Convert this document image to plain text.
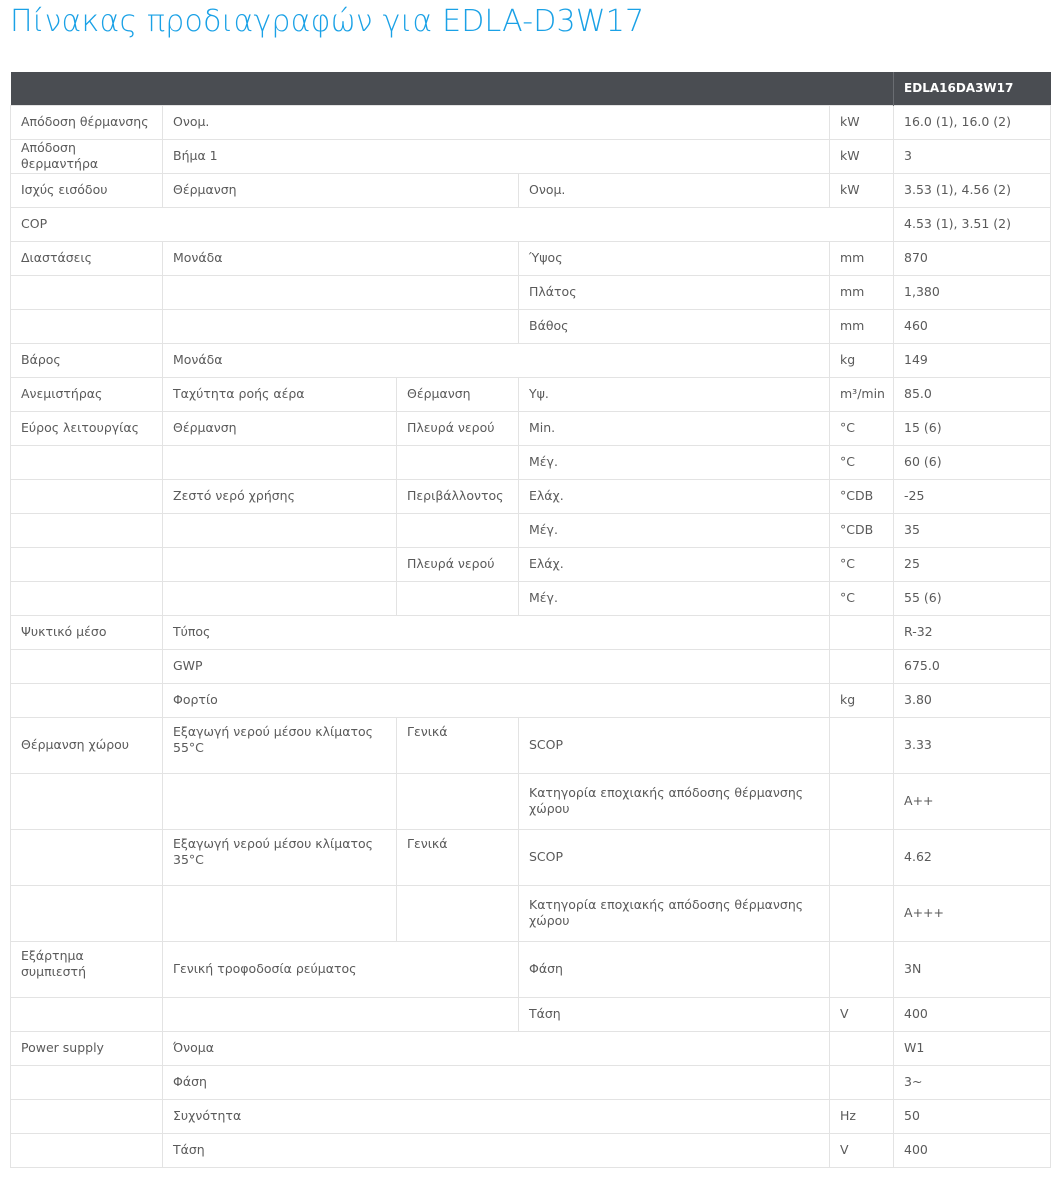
Πίνακας προδιαγραφών για EDLA-D3W17
					EDLA16DA3W17
Απόδοση θέρμανσης	Ονομ.			kW	16.0 (1), 16.0 (2)
Απόδοση θερμαντήρα	Βήμα 1			kW	3
Ισχύς εισόδου	Θέρμανση		Ονομ.	kW	3.53 (1), 4.56 (2)
COP					4.53 (1), 3.51 (2)
Διαστάσεις	Μονάδα		Ύψος	mm	870
			Πλάτος	mm	1,380
			Βάθος	mm	460
Βάρος	Μονάδα			kg	149
Ανεμιστήρας	Ταχύτητα ροής αέρα	Θέρμανση	Υψ.	m³/min	85.0
Εύρος λειτουργίας	Θέρμανση	Πλευρά νερού	Min.	°C	15 (6)
			Μέγ.	°C	60 (6)
	Ζεστό νερό χρήσης	Περιβάλλοντος	Ελάχ.	°CDB	-25
			Μέγ.	°CDB	35
		Πλευρά νερού	Ελάχ.	°C	25
			Μέγ.	°C	55 (6)
Ψυκτικό μέσο	Τύπος				R-32
	GWP				675.0
	Φορτίο			kg	3.80
Θέρμανση χώρου	Εξαγωγή νερού μέσου κλίματος 55°C	Γενικά	SCOP		3.33
			Κατηγορία εποχιακής απόδοσης θέρμανσης χώρου		A++
	Εξαγωγή νερού μέσου κλίματος 35°C	Γενικά	SCOP		4.62
			Κατηγορία εποχιακής απόδοσης θέρμανσης χώρου		A+++
Εξάρτημα συμπιεστή	Γενική τροφοδοσία ρεύματος		Φάση		3N
			Τάση	V	400
Power supply	Όνομα				W1
	Φάση				3~
	Συχνότητα			Hz	50
	Τάση			V	400
